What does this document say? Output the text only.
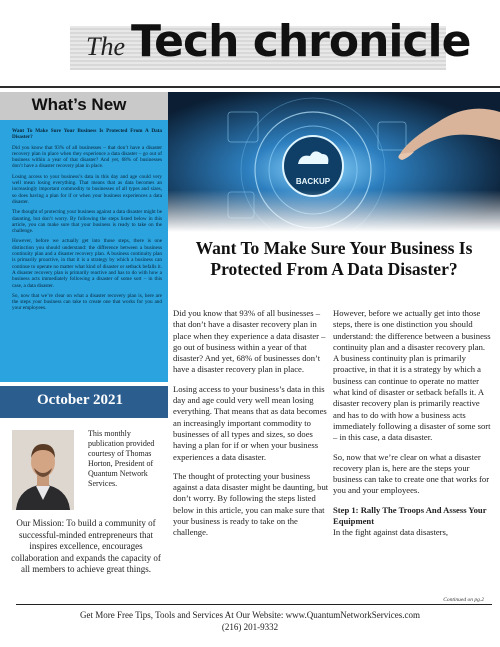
The Tech chronicle
What’s New

Want To Make Sure Your Business Is Protected From A Data Disaster?

Did you know that 93% of all businesses – that don’t have a disaster recovery plan in place when they experience a data disaster – go out of business within a year of that disaster? And yet, 68% of businesses don’t have a disaster recovery plan in place.

Losing access to your business’s data in this day and age could very well mean losing everything. That means that as data becomes an increasingly important commodity to businesses of all types and sizes, so does having a plan for if or when your business experiences a data disaster.

The thought of protecting your business against a data disaster might be daunting, but don’t worry. By following the steps listed below in this article, you can make sure that your business is ready to take on the challenge.

However, before we actually get into those steps, there is one distinction you should understand: the difference between a business continuity plan and a disaster recovery plan. A business continuity plan is primarily proactive, in that it is a strategy by which a business can continue to operate no matter what kind of disaster or setback befalls it. A disaster recovery plan is primarily reactive and has to do with how a business acts immediately following a disaster of some sort – in this case, a data disaster.

So, now that we’re clear on what a disaster recovery plan is, here are the steps your business can take to create one that works for you and your employees.

October 2021
This monthly publication provided courtesy of Thomas Horton, President of Quantum Network Services.
Our Mission: To build a community of successful-minded entrepreneurs that inspires excellence, encourages collaboration and expands the capacity of all members to achieve great things.
Want To Make Sure Your Business Is Protected From A Data Disaster?

Did you know that 93% of all businesses – that don’t have a disaster recovery plan in place when they experience a data disaster – go out of business within a year of that disaster? And yet, 68% of businesses don’t have a disaster recovery plan in place.

Losing access to your business’s data in this day and age could very well mean losing everything. That means that as data becomes an increasingly important commodity to businesses of all types and sizes, so does having a plan for if or when your business experiences a data disaster.

The thought of protecting your business against a data disaster might be daunting, but don’t worry. By following the steps listed below in this article, you can make sure that your business is ready to take on the challenge.

However, before we actually get into those steps, there is one distinction you should understand: the difference between a business continuity plan and a disaster recovery plan. A business continuity plan is primarily proactive, in that it is a strategy by which a business can continue to operate no matter what kind of disaster or setback befalls it. A disaster recovery plan is primarily reactive and has to do with how a business acts immediately following a disaster of some sort – in this case, a data disaster.

So, now that we’re clear on what a disaster recovery plan is, here are the steps your business can take to create one that works for you and your employees.

Step 1: Rally The Troops And Assess Your Equipment
In the fight against data disasters,

Continued on pg.2
Get More Free Tips, Tools and Services At Our Website: www.QuantumNetworkServices.com
(216) 201-9332
